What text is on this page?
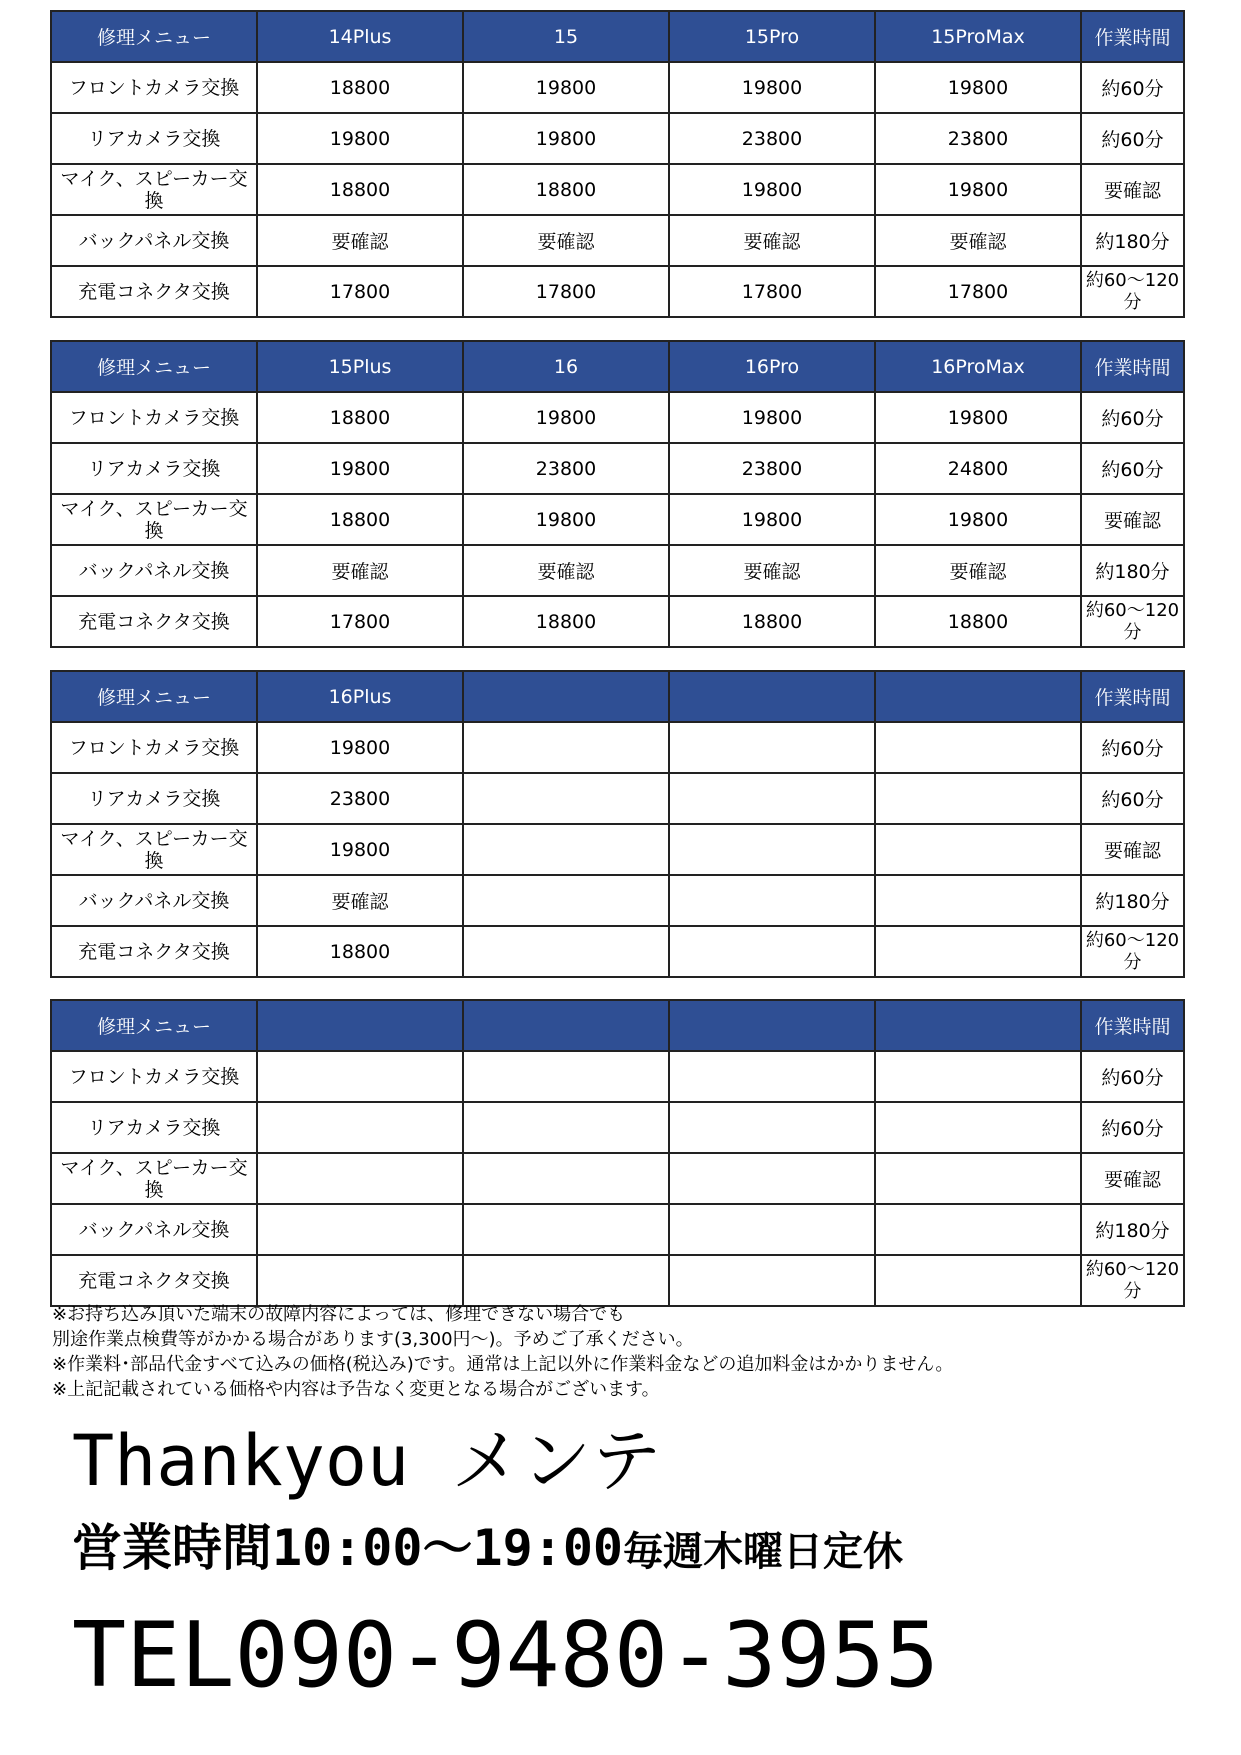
修理メニュー	14Plus	15	15Pro	15ProMax	作業時間
フロントカメラ交換	18800	19800	19800	19800	約60分
リアカメラ交換	19800	19800	23800	23800	約60分
マイク、スピーカー交換	18800	18800	19800	19800	要確認
バックパネル交換	要確認	要確認	要確認	要確認	約180分
充電コネクタ交換	17800	17800	17800	17800	約60～120分
修理メニュー	15Plus	16	16Pro	16ProMax	作業時間
フロントカメラ交換	18800	19800	19800	19800	約60分
リアカメラ交換	19800	23800	23800	24800	約60分
マイク、スピーカー交換	18800	19800	19800	19800	要確認
バックパネル交換	要確認	要確認	要確認	要確認	約180分
充電コネクタ交換	17800	18800	18800	18800	約60～120分
修理メニュー	16Plus				作業時間
フロントカメラ交換	19800				約60分
リアカメラ交換	23800				約60分
マイク、スピーカー交換	19800				要確認
バックパネル交換	要確認				約180分
充電コネクタ交換	18800				約60～120分
修理メニュー					作業時間
フロントカメラ交換					約60分
リアカメラ交換					約60分
マイク、スピーカー交換					要確認
バックパネル交換					約180分
充電コネクタ交換					約60～120分
※お持ち込み頂いた端末の故障内容によっては、修理できない場合でも
別途作業点検費等がかかる場合があります(3,300円～)。予めご了承ください。
※作業料･部品代金すべて込みの価格(税込み)です。通常は上記以外に作業料金などの追加料金はかかりません。
※上記記載されている価格や内容は予告なく変更となる場合がございます。
Thankyou メンテ
営業時間10:00～19:00毎週木曜日定休
TEL090-9480-3955
